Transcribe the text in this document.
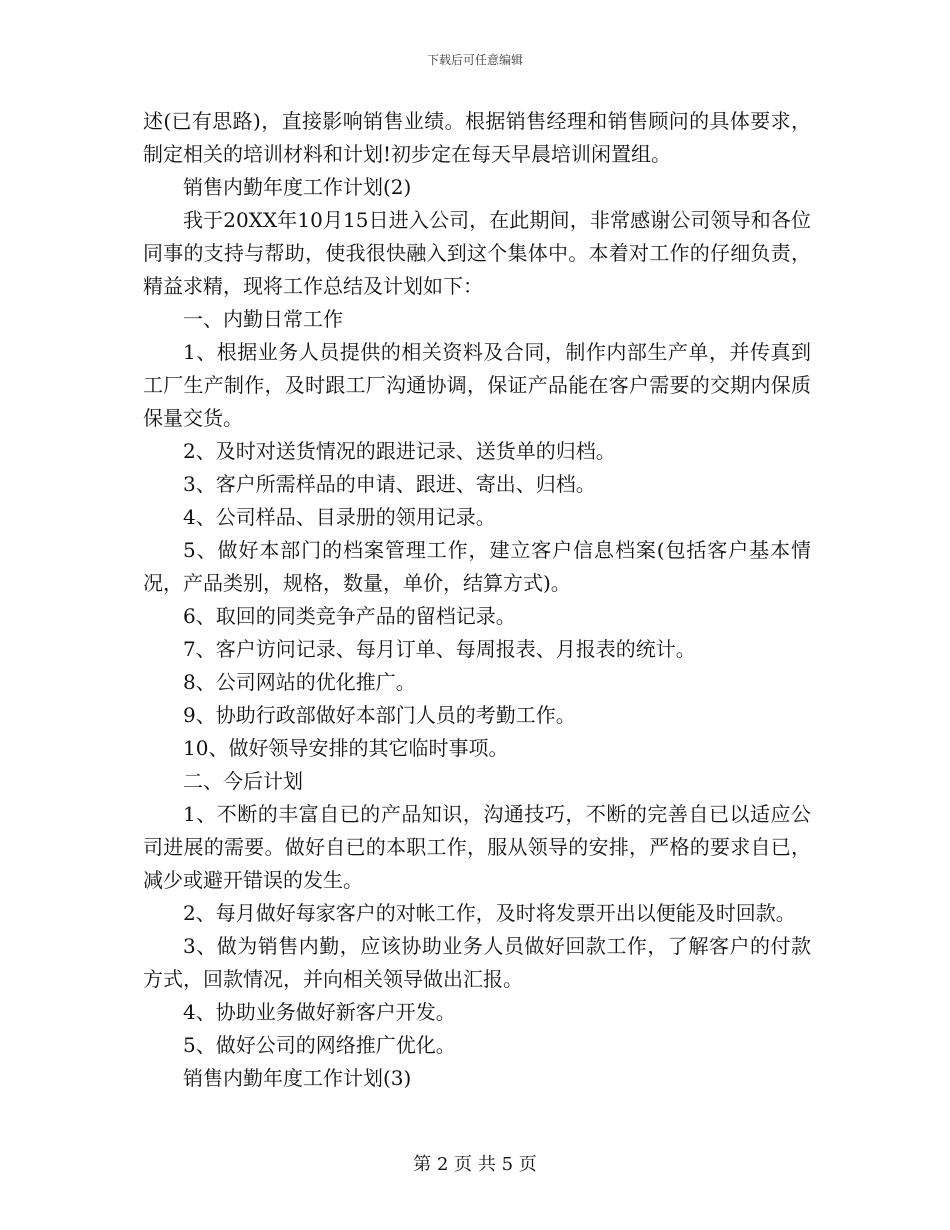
下载后可任意编辑

述(已有思路)，直接影响销售业绩。根据销售经理和销售顾问的具体要求，制定相关的培训材料和计划!初步定在每天早晨培训闲置组。

销售内勤年度工作计划(2)

我于20XX年10月15日进入公司，在此期间，非常感谢公司领导和各位同事的支持与帮助，使我很快融入到这个集体中。本着对工作的仔细负责，精益求精，现将工作总结及计划如下：

一、内勤日常工作

1、根据业务人员提供的相关资料及合同，制作内部生产单，并传真到工厂生产制作，及时跟工厂沟通协调，保证产品能在客户需要的交期内保质保量交货。

2、及时对送货情况的跟进记录、送货单的归档。

3、客户所需样品的申请、跟进、寄出、归档。

4、公司样品、目录册的领用记录。

5、做好本部门的档案管理工作，建立客户信息档案(包括客户基本情况，产品类别，规格，数量，单价，结算方式)。

6、取回的同类竞争产品的留档记录。

7、客户访问记录、每月订单、每周报表、月报表的统计。

8、公司网站的优化推广。

9、协助行政部做好本部门人员的考勤工作。

10、做好领导安排的其它临时事项。

二、今后计划

1、不断的丰富自已的产品知识，沟通技巧，不断的完善自已以适应公司进展的需要。做好自已的本职工作，服从领导的安排，严格的要求自已，减少或避开错误的发生。

2、每月做好每家客户的对帐工作，及时将发票开出以便能及时回款。

3、做为销售内勤，应该协助业务人员做好回款工作，了解客户的付款方式，回款情况，并向相关领导做出汇报。

4、协助业务做好新客户开发。

5、做好公司的网络推广优化。

销售内勤年度工作计划(3)

第 2 页 共 5 页
